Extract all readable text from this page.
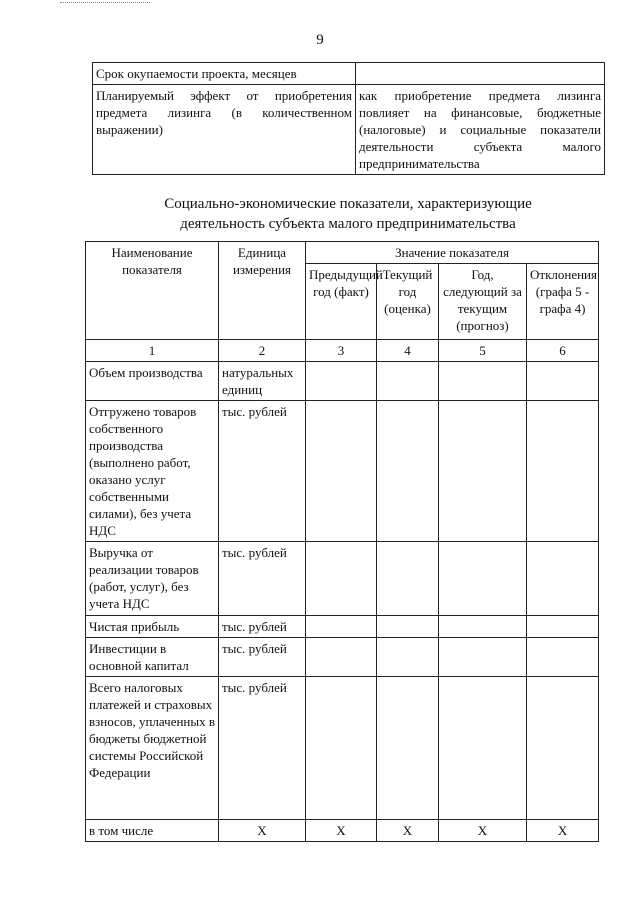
9
Срок окупаемости проекта, месяцев	
Планируемый эффект от приобретения предмета лизинга (в количественном выражении)	как приобретение предмета лизинга повлияет на финансовые, бюджетные (налоговые) и социальные показатели деятельности субъекта малого предпринимательства
Социально-экономические показатели, характеризующие
деятельность субъекта малого предпринимательства
Наименование показателя	Единица измерения	Значение показателя			
		Предыдущий год (факт)	Текущий год (оценка)	Год, следующий за текущим (прогноз)	Отклонения (графа 5 - графа 4)
1	2	3	4	5	6
Объем производства	натуральных единиц				
Отгружено товаров собственного производства (выполнено работ, оказано услуг собственными силами), без учета НДС	тыс. рублей				
Выручка от реализации товаров (работ, услуг), без учета НДС	тыс. рублей				
Чистая прибыль	тыс. рублей				
Инвестиции в основной капитал	тыс. рублей				
Всего налоговых платежей и страховых взносов, уплаченных в бюджеты бюджетной системы Российской Федерации	тыс. рублей				
в том числе	X	X	X	X	X
